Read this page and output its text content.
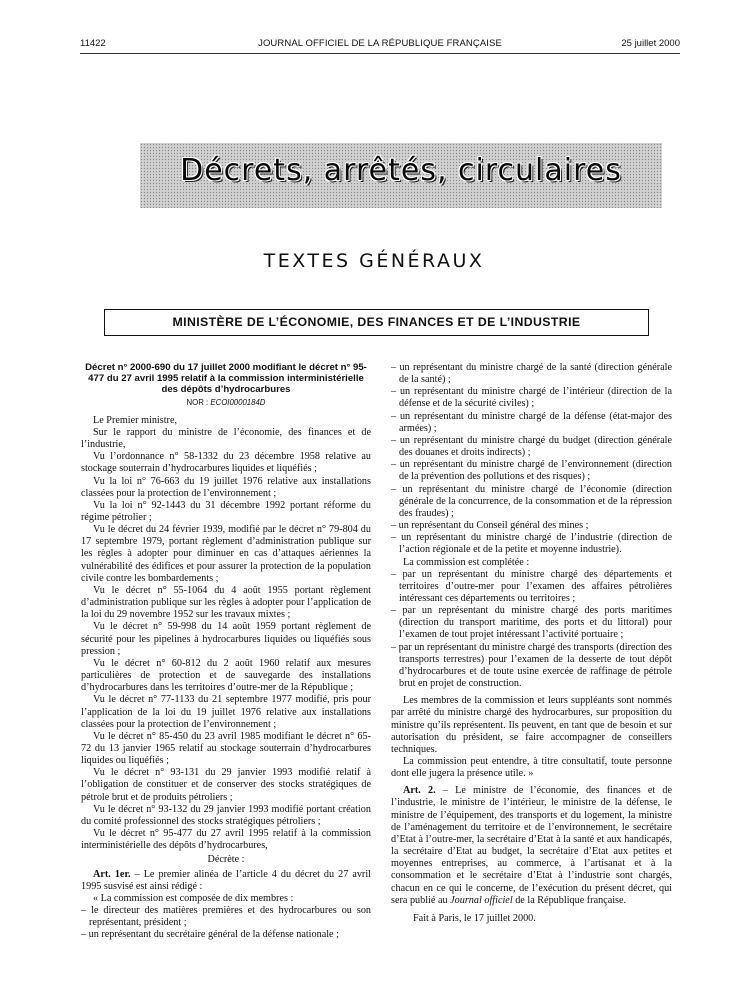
11422	JOURNAL OFFICIEL DE LA RÉPUBLIQUE FRANÇAISE	25 juillet 2000
Décrets, arrêtés, circulaires
TEXTES GÉNÉRAUX
MINISTÈRE DE L’ÉCONOMIE, DES FINANCES ET DE L’INDUSTRIE
Décret n° 2000-690 du 17 juillet 2000 modifiant le décret n° 95-477 du 27 avril 1995 relatif à la commission interministérielle des dépôts d’hydrocarbures
NOR : ECOI0000184D

Le Premier ministre,

Sur le rapport du ministre de l’économie, des finances et de l’industrie,

Vu l’ordonnance n° 58-1332 du 23 décembre 1958 relative au stockage souterrain d’hydrocarbures liquides et liquéfiés ;

Vu la loi n° 76-663 du 19 juillet 1976 relative aux installations classées pour la protection de l’environnement ;

Vu la loi n° 92-1443 du 31 décembre 1992 portant réforme du régime pétrolier ;

Vu le décret du 24 février 1939, modifié par le décret n° 79-804 du 17 septembre 1979, portant règlement d’administration publique sur les règles à adopter pour diminuer en cas d’attaques aériennes la vulnérabilité des édifices et pour assurer la protection de la population civile contre les bombardements ;

Vu le décret n° 55-1064 du 4 août 1955 portant règlement d’administration publique sur les règles à adopter pour l’application de la loi du 29 novembre 1952 sur les travaux mixtes ;

Vu le décret n° 59-998 du 14 août 1959 portant règlement de sécurité pour les pipelines à hydrocarbures liquides ou liquéfiés sous pression ;

Vu le décret n° 60-812 du 2 août 1960 relatif aux mesures particulières de protection et de sauvegarde des installations d’hydrocarbures dans les territoires d’outre-mer de la République ;

Vu le décret n° 77-1133 du 21 septembre 1977 modifié, pris pour l’application de la loi du 19 juillet 1976 relative aux installations classées pour la protection de l’environnement ;

Vu le décret n° 85-450 du 23 avril 1985 modifiant le décret n° 65-72 du 13 janvier 1965 relatif au stockage souterrain d’hydrocarbures liquides ou liquéfiés ;

Vu le décret n° 93-131 du 29 janvier 1993 modifié relatif à l’obligation de constituer et de conserver des stocks stratégiques de pétrole brut et de produits pétroliers ;

Vu le décret n° 93-132 du 29 janvier 1993 modifié portant création du comité professionnel des stocks stratégiques pétroliers ;

Vu le décret n° 95-477 du 27 avril 1995 relatif à la commission interministérielle des dépôts d’hydrocarbures,

Décrète :

Art. 1er. – Le premier alinéa de l’article 4 du décret du 27 avril 1995 susvisé est ainsi rédigé :

« La commission est composée de dix membres :

– le directeur des matières premières et des hydrocarbures ou son représentant, président ;
– un représentant du secrétaire général de la défense nationale ;
– un représentant du ministre chargé de la santé (direction générale de la santé) ;
– un représentant du ministre chargé de l’intérieur (direction de la défense et de la sécurité civiles) ;
– un représentant du ministre chargé de la défense (état-major des armées) ;
– un représentant du ministre chargé du budget (direction générale des douanes et droits indirects) ;
– un représentant du ministre chargé de l’environnement (direction de la prévention des pollutions et des risques) ;
– un représentant du ministre chargé de l’économie (direction générale de la concurrence, de la consommation et de la répression des fraudes) ;
– un représentant du Conseil général des mines ;
– un représentant du ministre chargé de l’industrie (direction de l’action régionale et de la petite et moyenne industrie).

La commission est complétée :

– par un représentant du ministre chargé des départements et territoires d’outre-mer pour l’examen des affaires pétrolières intéressant ces départements ou territoires ;
– par un représentant du ministre chargé des ports maritimes (direction du transport maritime, des ports et du littoral) pour l’examen de tout projet intéressant l’activité portuaire ;
– par un représentant du ministre chargé des transports (direction des transports terrestres) pour l’examen de la desserte de tout dépôt d’hydrocarbures et de toute usine exercée de raffinage de pétrole brut en projet de construction.

Les membres de la commission et leurs suppléants sont nommés par arrêté du ministre chargé des hydrocarbures, sur proposition du ministre qu’ils représentent. Ils peuvent, en tant que de besoin et sur autorisation du président, se faire accompagner de conseillers techniques.

La commission peut entendre, à titre consultatif, toute personne dont elle jugera la présence utile. »

Art. 2. – Le ministre de l’économie, des finances et de l’industrie, le ministre de l’intérieur, le ministre de la défense, le ministre de l’équipement, des transports et du logement, la ministre de l’aménagement du territoire et de l’environnement, le secrétaire d’Etat à l’outre-mer, la secrétaire d’Etat à la santé et aux handicapés, la secrétaire d’Etat au budget, la secrétaire d’Etat aux petites et moyennes entreprises, au commerce, à l’artisanat et à la consommation et le secrétaire d’Etat à l’industrie sont chargés, chacun en ce qui le concerne, de l’exécution du présent décret, qui sera publié au Journal officiel de la République française.

Fait à Paris, le 17 juillet 2000.
